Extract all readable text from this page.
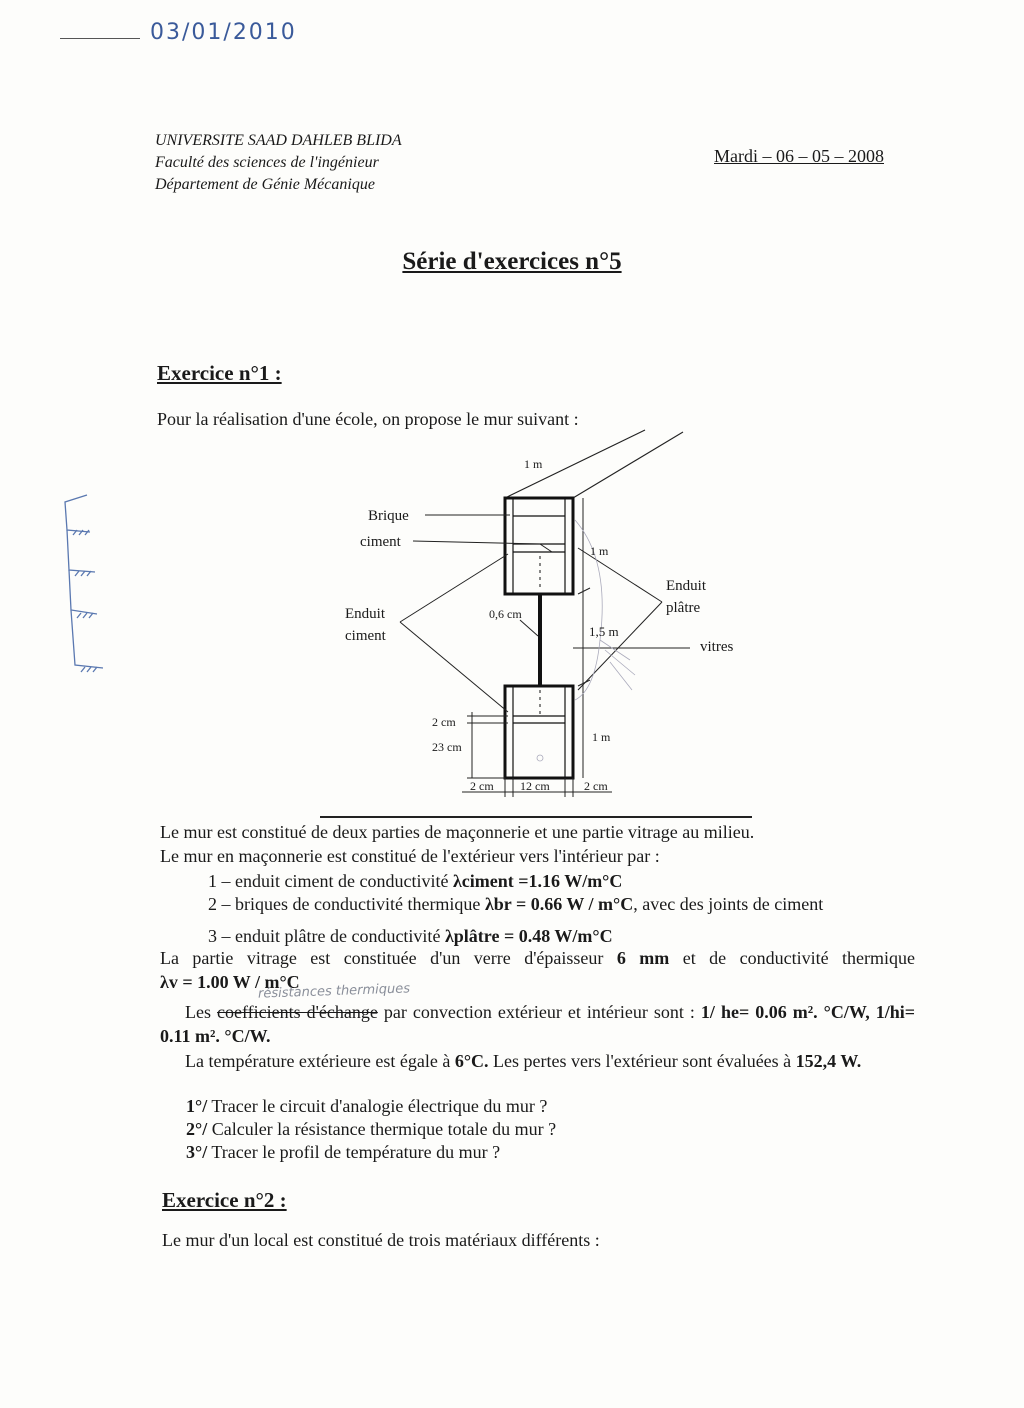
03/01/2010
UNIVERSITE SAAD DAHLEB BLIDA
Faculté des sciences de l'ingénieur
Département de Génie Mécanique
Mardi – 06 – 05 – 2008
Série d'exercices n°5
Exercice n°1 :
Pour la réalisation d'une école, on propose le mur suivant :
1 m
Brique
ciment
1 m
Enduit
plâtre
Enduit
ciment
0,6 cm
1,5 m
vitres
2 cm
23 cm
1 m
2 cm 12 cm	2 cm
Le mur est constitué de deux parties de maçonnerie et une partie vitrage au milieu.
Le mur en maçonnerie est constitué de l'extérieur vers l'intérieur par :
1 – enduit ciment de conductivité λciment =1.16 W/m°C
2 – briques de conductivité thermique λbr = 0.66 W / m°C, avec des joints de ciment
3 – enduit plâtre de conductivité λplâtre = 0.48 W/m°C
La partie vitrage est constituée d'un verre d'épaisseur 6 mm et de conductivité thermique
λv = 1.00 W / m°C
résistances thermiques
Les coefficients d'échange par convection extérieur et intérieur sont : 1/ he= 0.06 m². °C/W, 1/hi= 0.11 m². °C/W.
La température extérieure est égale à 6°C. Les pertes vers l'extérieur sont évaluées à 152,4 W.
1°/ Tracer le circuit d'analogie électrique du mur ?
2°/ Calculer la résistance thermique totale du mur ?
3°/ Tracer le profil de température du mur ?
Exercice n°2 :
Le mur d'un local est constitué de trois matériaux différents :
